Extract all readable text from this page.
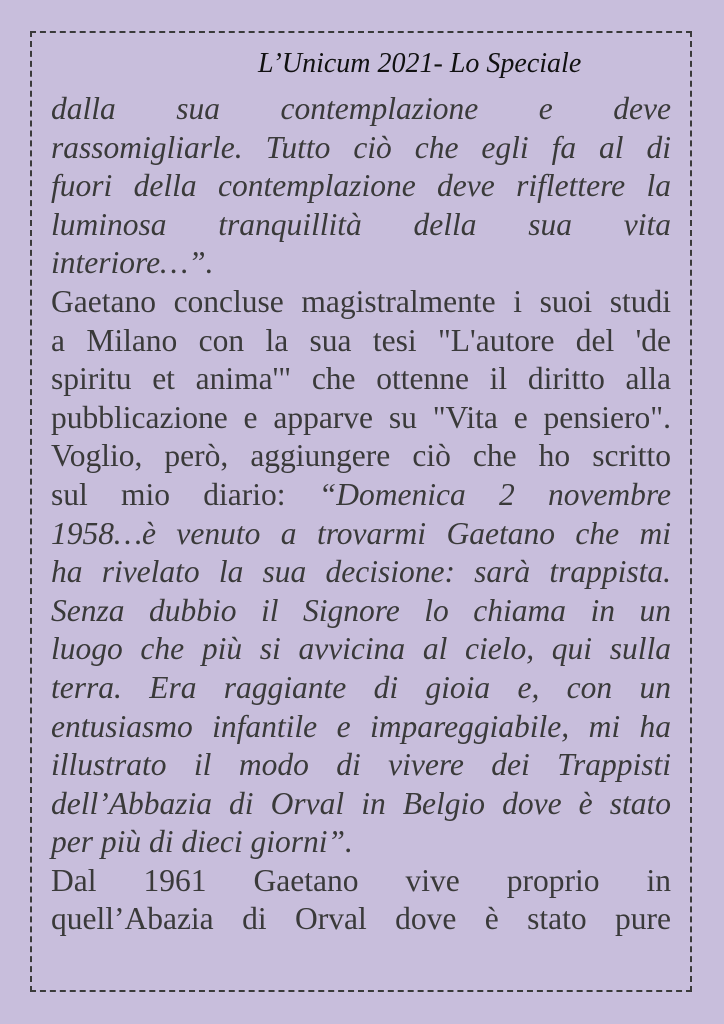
L’Unicum 2021- Lo Speciale
dalla sua contemplazione e deve
rassomigliarle. Tutto ciò che egli fa al di
fuori della contemplazione deve riflettere la
luminosa tranquillità della sua vita
interiore…”.
Gaetano concluse magistralmente i suoi studi
a Milano con la sua tesi "L'autore del 'de
spiritu et anima'" che ottenne il diritto alla
pubblicazione e apparve su "Vita e pensiero".
Voglio, però, aggiungere ciò che ho scritto
sul mio diario: “Domenica 2 novembre
1958…è venuto a trovarmi Gaetano che mi
ha rivelato la sua decisione: sarà trappista.
Senza dubbio il Signore lo chiama in un
luogo che più si avvicina al cielo, qui sulla
terra. Era raggiante di gioia e, con un
entusiasmo infantile e impareggiabile, mi ha
illustrato il modo di vivere dei Trappisti
dell’Abbazia di Orval in Belgio dove è stato
per più di dieci giorni”.
Dal 1961 Gaetano vive proprio in
quell’Abazia di Orval dove è stato pure
